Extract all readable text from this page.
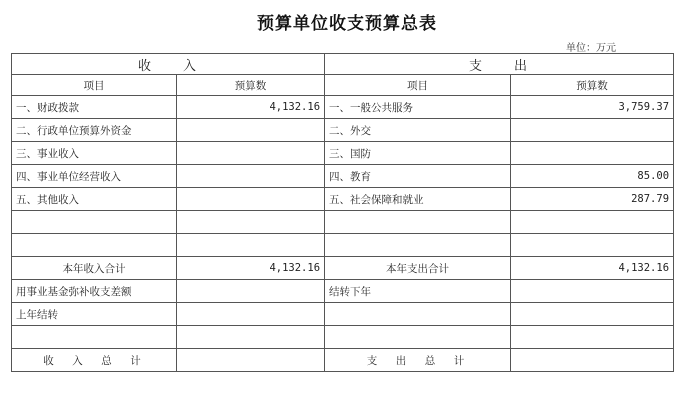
预算单位收支预算总表
单位：万元
收　　入		支　　出	
项目	预算数	项目	预算数
一、财政拨款	4,132.16	一、一般公共服务	3,759.37
二、行政单位预算外资金		二、外交	
三、事业收入		三、国防	
四、事业单位经营收入		四、教育	85.00
五、其他收入		五、社会保障和就业	287.79

本年收入合计	4,132.16	本年支出合计	4,132.16
用事业基金弥补收支差额		结转下年	
上年结转			

收　入　总　计		支　出　总　计	
